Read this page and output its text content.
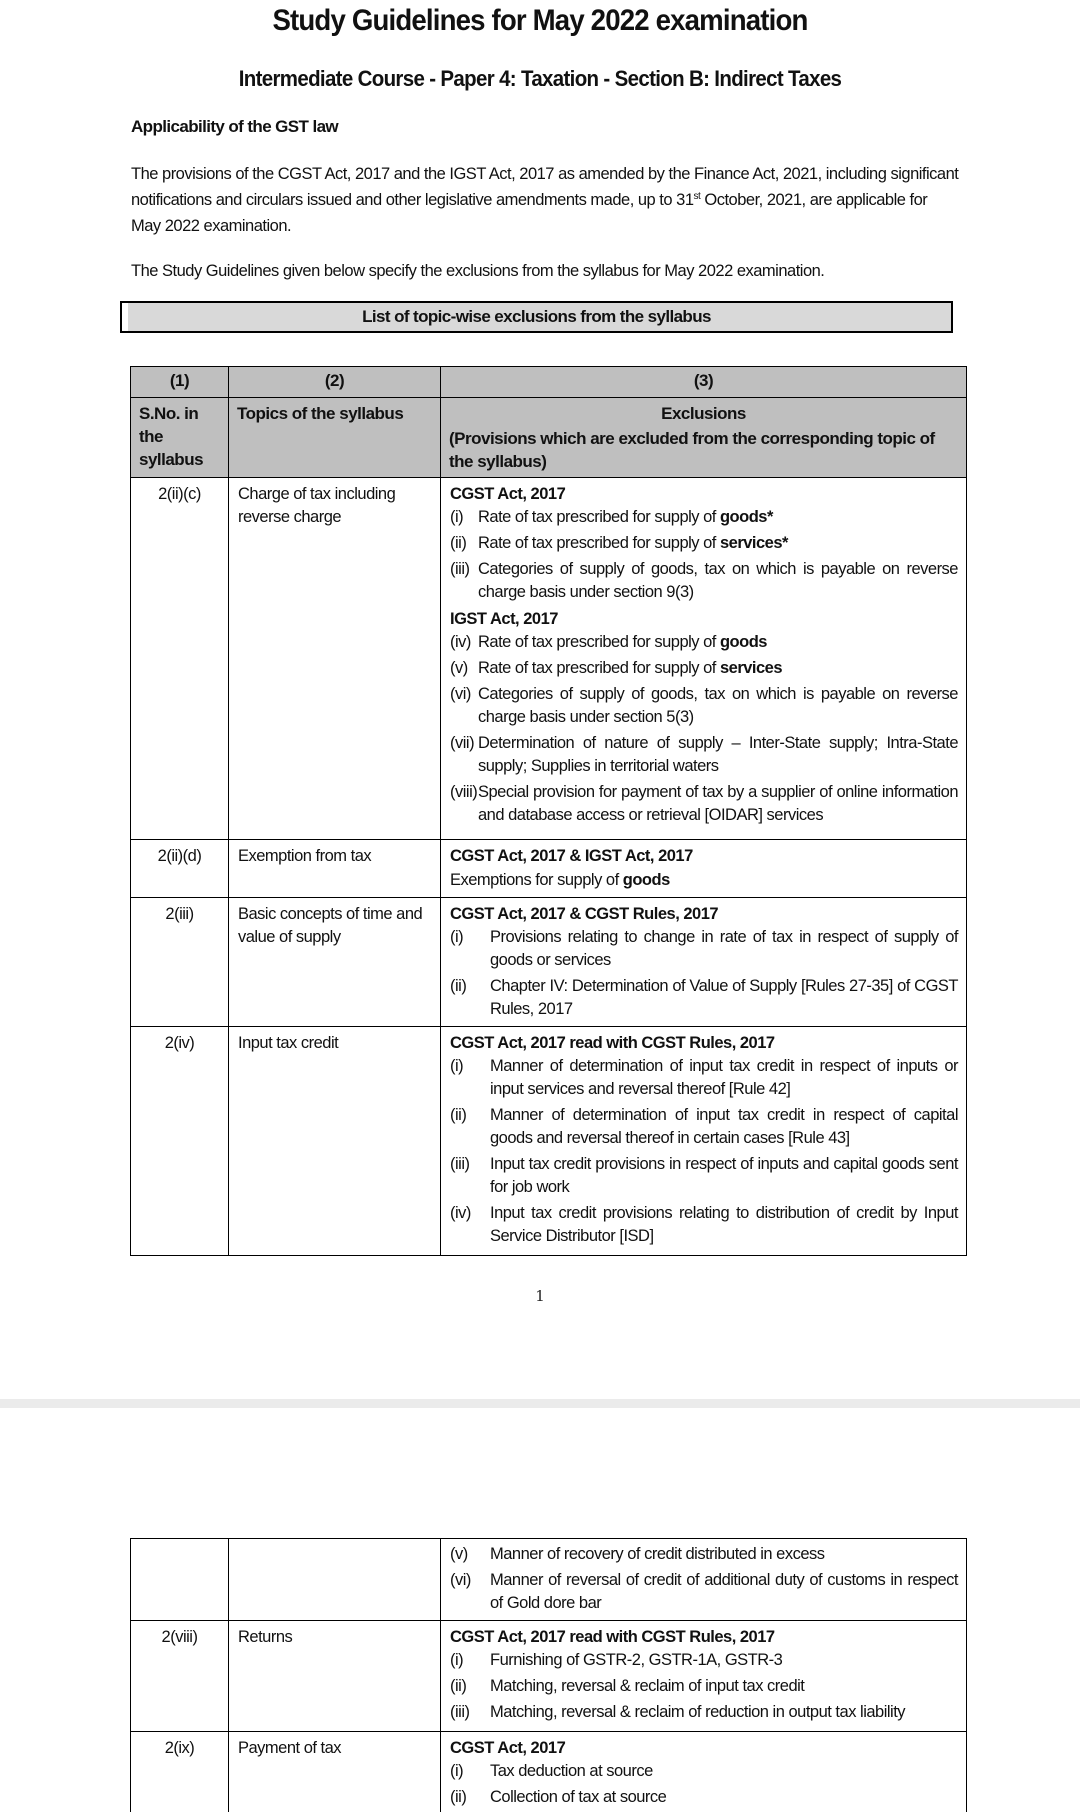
Study Guidelines for May 2022 examination
Intermediate Course - Paper 4: Taxation - Section B: Indirect Taxes
Applicability of the GST law

The provisions of the CGST Act, 2017 and the IGST Act, 2017 as amended by the Finance Act, 2021, including significant notifications and circulars issued and other legislative amendments made, up to 31st October, 2021, are applicable for May 2022 examination.

The Study Guidelines given below specify the exclusions from the syllabus for May 2022 examination.

List of topic-wise exclusions from the syllabus
(1)	(2)	(3)
S.No. in the syllabus	Topics of the syllabus	Exclusions
(Provisions which are excluded from the corresponding topic of the syllabus)

2(ii)(c)	Charge of tax including reverse charge	
CGST Act, 2017
(i) Rate of tax prescribed for supply of goods*
(ii) Rate of tax prescribed for supply of services*
(iii) Categories of supply of goods, tax on which is payable on reverse charge basis under section 9(3)
IGST Act, 2017
(iv) Rate of tax prescribed for supply of goods
(v) Rate of tax prescribed for supply of services
(vi) Categories of supply of goods, tax on which is payable on reverse charge basis under section 5(3)
(vii) Determination of nature of supply – Inter-State supply; Intra-State supply; Supplies in territorial waters
(viii) Special provision for payment of tax by a supplier of online information and database access or retrieval [OIDAR] services

2(ii)(d)	Exemption from tax	CGST Act, 2017 & IGST Act, 2017
Exemptions for supply of goods

2(iii)	Basic concepts of time and value of supply	CGST Act, 2017 & CGST Rules, 2017
(i) Provisions relating to change in rate of tax in respect of supply of goods or services
(ii) Chapter IV: Determination of Value of Supply [Rules 27-35] of CGST Rules, 2017

2(iv)	Input tax credit	CGST Act, 2017 read with CGST Rules, 2017
(i)	Manner of determination of input tax credit in respect of inputs or input services and reversal thereof [Rule 42]
(ii)	Manner of determination of input tax credit in respect of capital goods and reversal thereof in certain cases [Rule 43]
(iii)	Input tax credit provisions in respect of inputs and capital goods sent for job work
(iv)	Input tax credit provisions relating to distribution of credit by Input Service Distributor [ISD]
1

		(v) Manner of recovery of credit distributed in excess
(vi) Manner of reversal of credit of additional duty of customs in respect of Gold dore bar

2(viii)	Returns	CGST Act, 2017 read with CGST Rules, 2017
(i)	Furnishing of GSTR-2, GSTR-1A, GSTR-3
(ii)	Matching, reversal & reclaim of input tax credit
(iii)	Matching, reversal & reclaim of reduction in output tax liability

2(ix)	Payment of tax	CGST Act, 2017
(i) Tax deduction at source
(ii) Collection of tax at source
